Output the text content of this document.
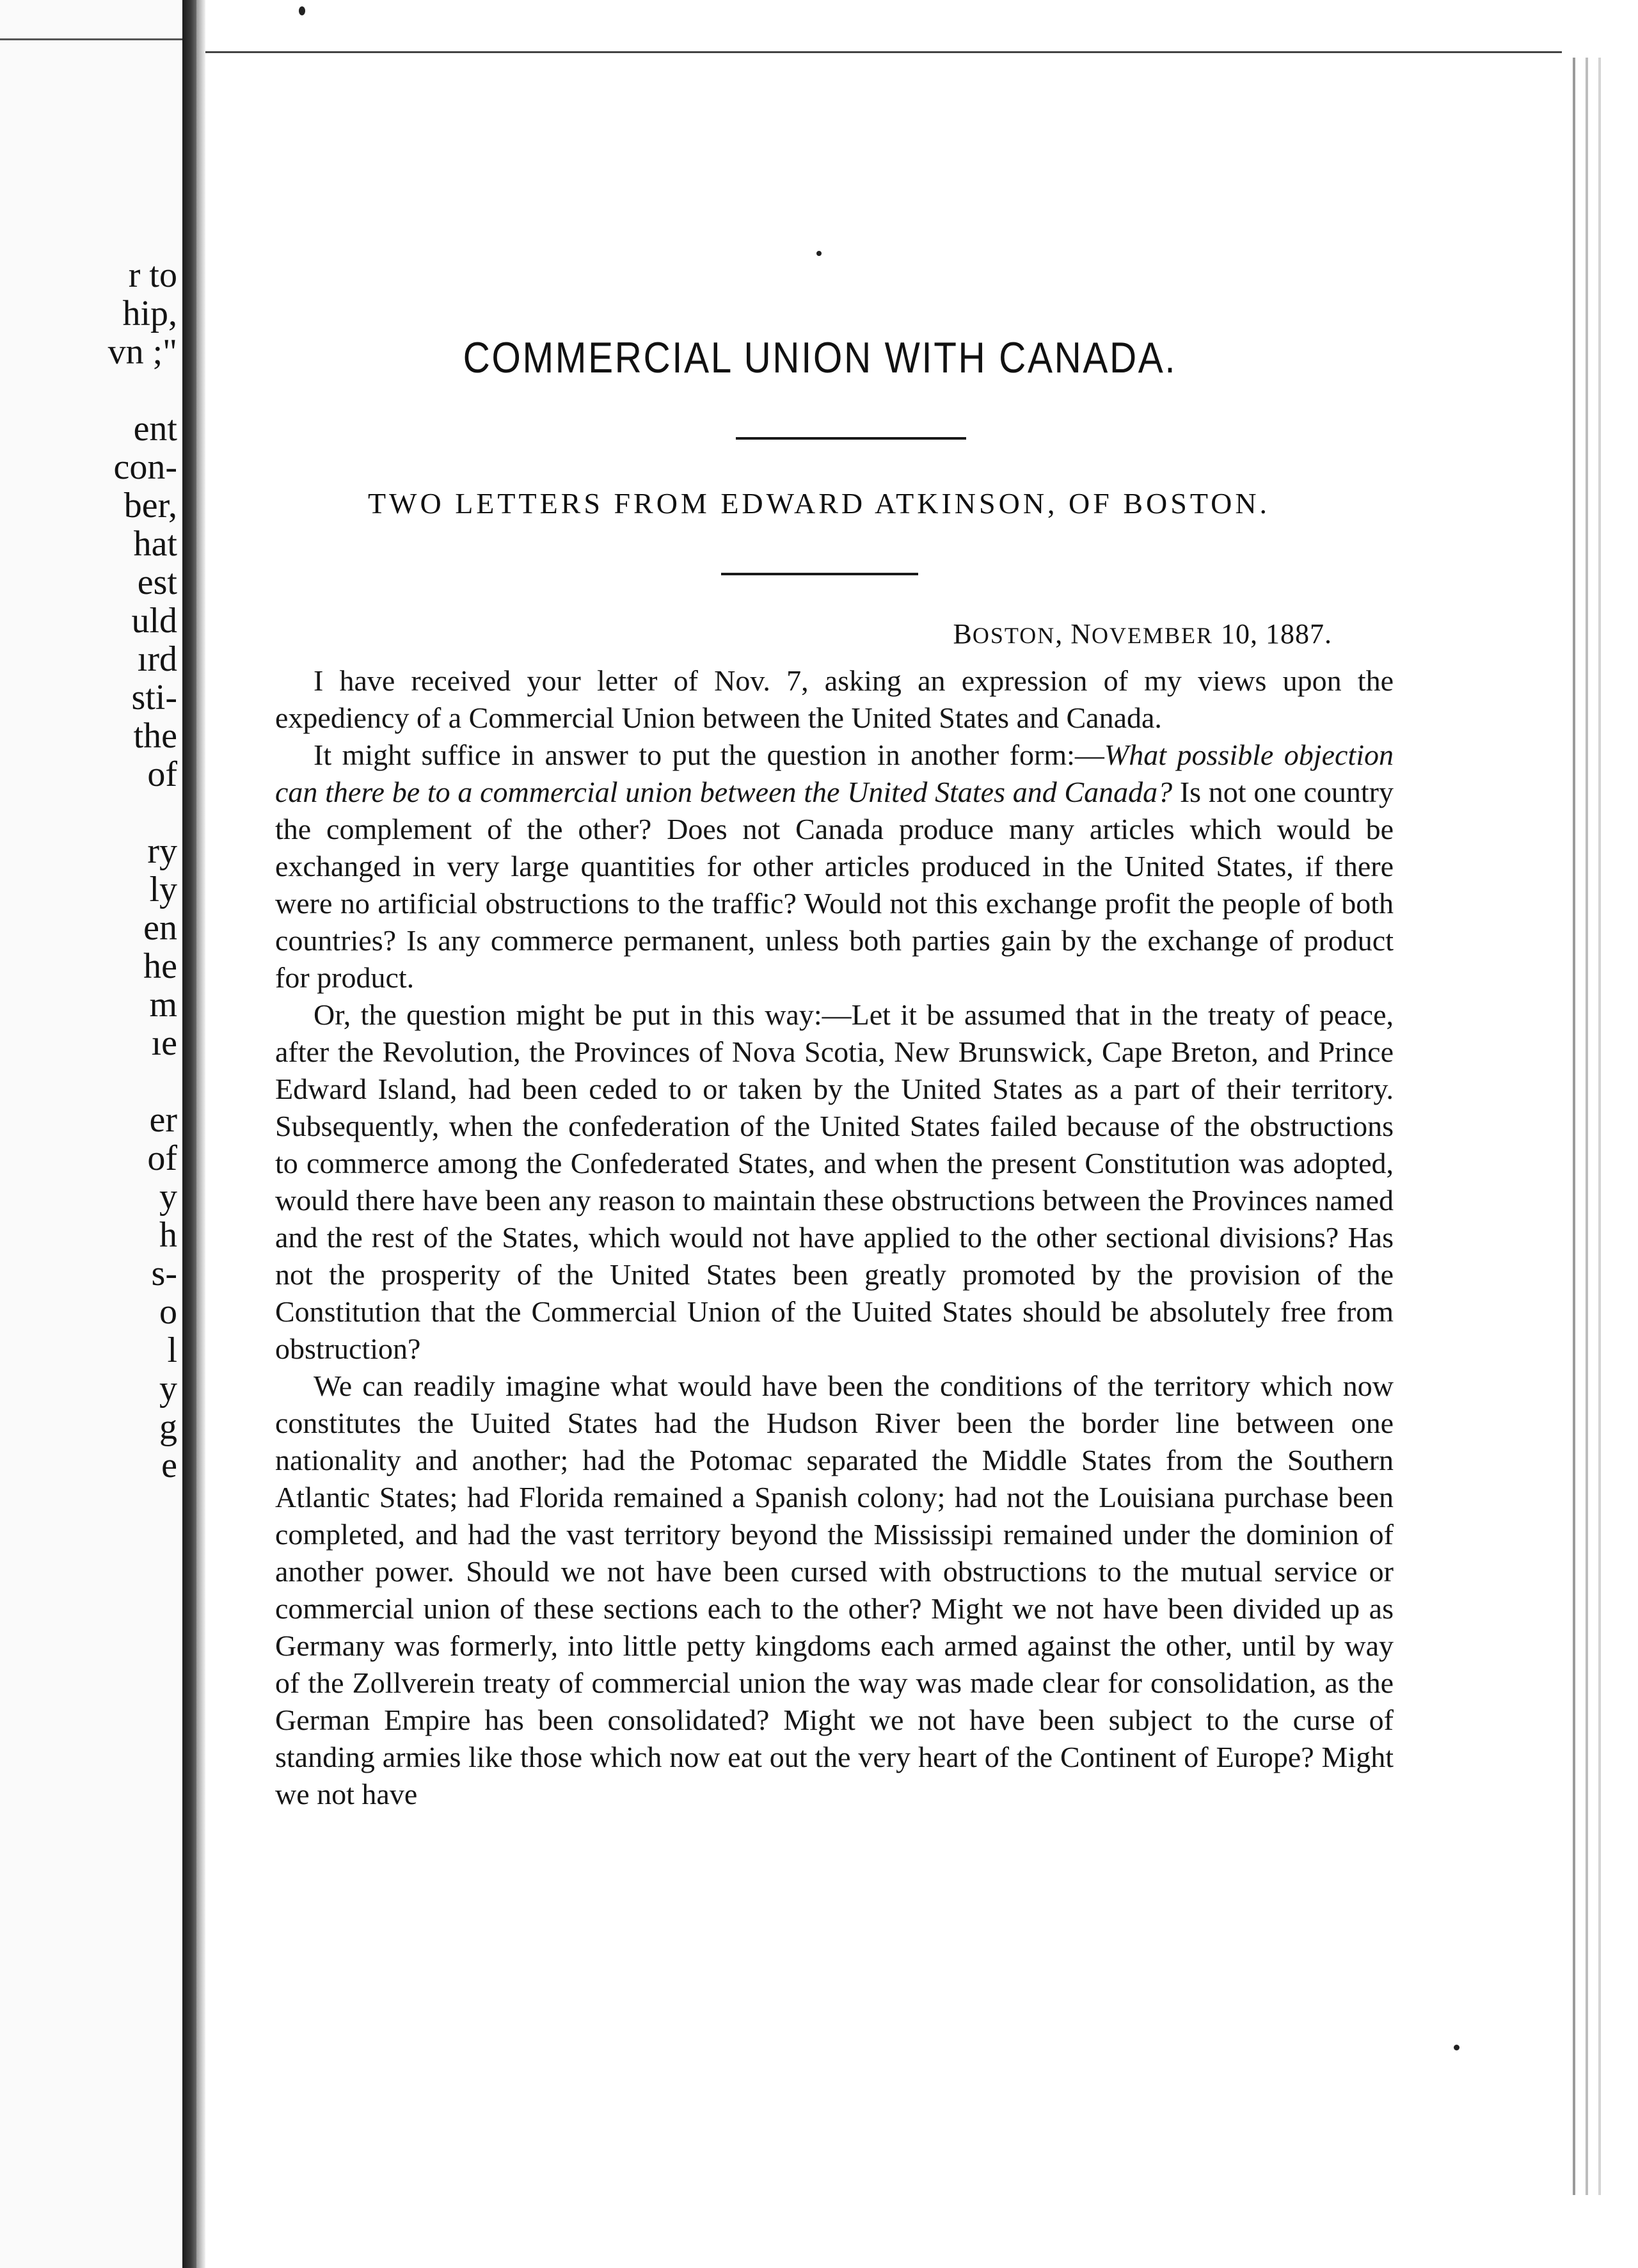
r to
hip,
vn ;"
ent
con-
ber,
hat
est
uld
ırd
sti-
the
of
ry
ly
en
he
m
ıe
er
of
y
h
s-
o
l
y
g
e
COMMERCIAL UNION WITH CANADA.
TWO LETTERS FROM EDWARD ATKINSON, OF BOSTON.
BOSTON, NOVEMBER 10, 1887.

I have received your letter of Nov. 7, asking an expression of my views upon the expediency of a Commercial Union between the United States and Canada.

It might suffice in answer to put the question in another form:—What possible objection can there be to a commercial union between the United States and Canada? Is not one country the complement of the other? Does not Canada produce many articles which would be exchanged in very large quantities for other articles produced in the United States, if there were no artificial obstructions to the traffic? Would not this exchange profit the people of both countries? Is any commerce permanent, unless both parties gain by the exchange of product for product.

Or, the question might be put in this way:—Let it be assumed that in the treaty of peace, after the Revolution, the Provinces of Nova Scotia, New Brunswick, Cape Breton, and Prince Edward Island, had been ceded to or taken by the United States as a part of their territory. Subsequently, when the confederation of the United States failed because of the obstructions to commerce among the Confederated States, and when the present Constitution was adopted, would there have been any reason to maintain these obstructions between the Provinces named and the rest of the States, which would not have applied to the other sectional divisions? Has not the prosperity of the United States been greatly promoted by the provision of the Constitution that the Commercial Union of the Uuited States should be absolutely free from obstruction?

We can readily imagine what would have been the conditions of the territory which now constitutes the Uuited States had the Hudson River been the border line between one nationality and another; had the Potomac separated the Middle States from the Southern Atlantic States; had Florida remained a Spanish colony; had not the Louisiana purchase been completed, and had the vast territory beyond the Mississipi remained under the dominion of another power. Should we not have been cursed with obstructions to the mutual service or commercial union of these sections each to the other? Might we not have been divided up as Germany was formerly, into little petty kingdoms each armed against the other, until by way of the Zollverein treaty of commercial union the way was made clear for consolidation, as the German Empire has been consolidated? Might we not have been subject to the curse of standing armies like those which now eat out the very heart of the Continent of Europe? Might we not have
